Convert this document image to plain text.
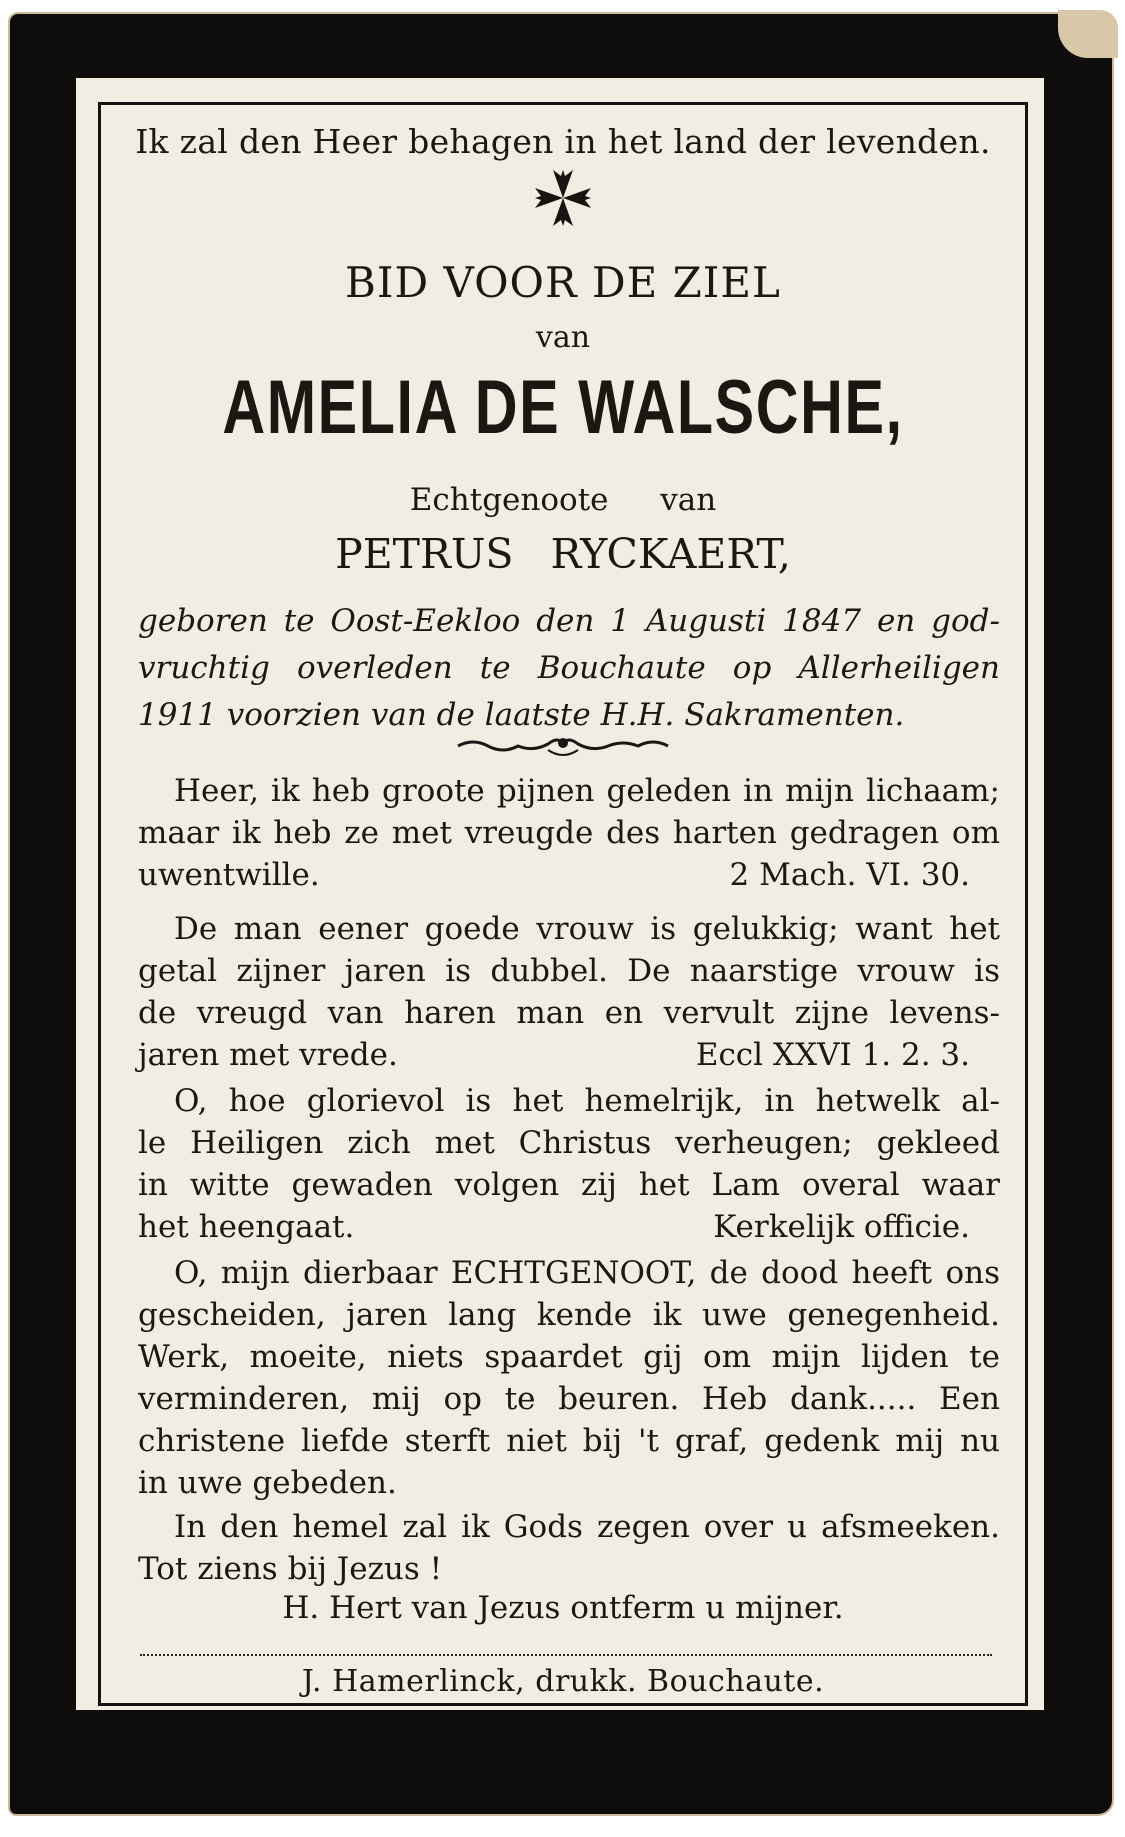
Ik zal den Heer behagen in het land der levenden.
BID VOOR DE ZIEL
van
AMELIA DE WALSCHE,
Echtgenoote van
PETRUS RYCKAERT,
geboren te Oost-Eekloo den 1 Augusti 1847 en god-
vruchtig overleden te Bouchaute op Allerheiligen
1911 voorzien van de laatste H.H. Sakramenten.
Heer, ik heb groote pijnen geleden in mijn lichaam;
maar ik heb ze met vreugde des harten gedragen om
uwentwille.	2 Mach. VI. 30.
De man eener goede vrouw is gelukkig; want het
getal zijner jaren is dubbel. De naarstige vrouw is
de vreugd van haren man en vervult zijne levens-
jaren met vrede.	Eccl XXVI 1. 2. 3.
O, hoe glorievol is het hemelrijk, in hetwelk al-
le Heiligen zich met Christus verheugen; gekleed
in witte gewaden volgen zij het Lam overal waar
het heengaat.	Kerkelijk officie.
O, mijn dierbaar ECHTGENOOT, de dood heeft ons
gescheiden, jaren lang kende ik uwe genegenheid.
Werk, moeite, niets spaardet gij om mijn lijden te
verminderen, mij op te beuren. Heb dank..... Een
christene liefde sterft niet bij 't graf, gedenk mij nu
in uwe gebeden.
In den hemel zal ik Gods zegen over u afsmeeken.
Tot ziens bij Jezus !
H. Hert van Jezus ontferm u mijner.
J. Hamerlinck, drukk. Bouchaute.
